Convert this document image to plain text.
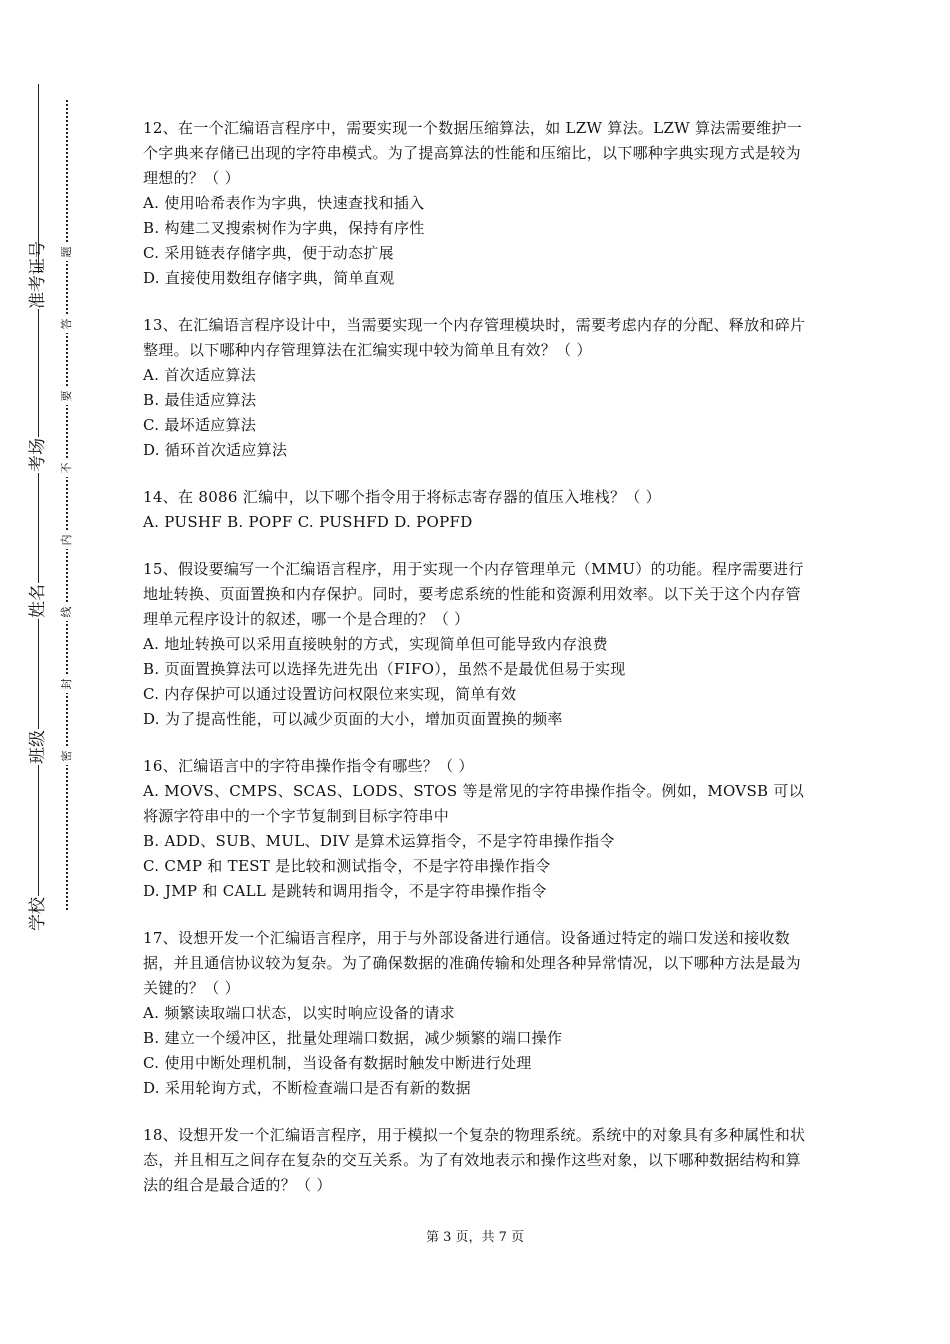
准考证号
考场
姓名
班级
学校
题
答
要
不
内
线
封
密

12、在一个汇编语言程序中，需要实现一个数据压缩算法，如 LZW 算法。LZW 算法需要维护一个字典来存储已出现的字符串模式。为了提高算法的性能和压缩比，以下哪种字典实现方式是较为理想的？（ ）

A. 使用哈希表作为字典，快速查找和插入

B. 构建二叉搜索树作为字典，保持有序性

C. 采用链表存储字典，便于动态扩展

D. 直接使用数组存储字典，简单直观

13、在汇编语言程序设计中，当需要实现一个内存管理模块时，需要考虑内存的分配、释放和碎片整理。以下哪种内存管理算法在汇编实现中较为简单且有效？（ ）

A. 首次适应算法

B. 最佳适应算法

C. 最坏适应算法

D. 循环首次适应算法

14、在 8086 汇编中，以下哪个指令用于将标志寄存器的值压入堆栈？（ ）

A. PUSHF B. POPF C. PUSHFD D. POPFD

15、假设要编写一个汇编语言程序，用于实现一个内存管理单元（MMU）的功能。程序需要进行地址转换、页面置换和内存保护。同时，要考虑系统的性能和资源利用效率。以下关于这个内存管理单元程序设计的叙述，哪一个是合理的？（ ）

A. 地址转换可以采用直接映射的方式，实现简单但可能导致内存浪费

B. 页面置换算法可以选择先进先出（FIFO），虽然不是最优但易于实现

C. 内存保护可以通过设置访问权限位来实现，简单有效

D. 为了提高性能，可以减少页面的大小，增加页面置换的频率

16、汇编语言中的字符串操作指令有哪些？（ ）

A. MOVS、CMPS、SCAS、LODS、STOS 等是常见的字符串操作指令。例如，MOVSB 可以将源字符串中的一个字节复制到目标字符串中

B. ADD、SUB、MUL、DIV 是算术运算指令，不是字符串操作指令

C. CMP 和 TEST 是比较和测试指令，不是字符串操作指令

D. JMP 和 CALL 是跳转和调用指令，不是字符串操作指令

17、设想开发一个汇编语言程序，用于与外部设备进行通信。设备通过特定的端口发送和接收数据，并且通信协议较为复杂。为了确保数据的准确传输和处理各种异常情况，以下哪种方法是最为关键的？（ ）

A. 频繁读取端口状态，以实时响应设备的请求

B. 建立一个缓冲区，批量处理端口数据，减少频繁的端口操作

C. 使用中断处理机制，当设备有数据时触发中断进行处理

D. 采用轮询方式，不断检查端口是否有新的数据

18、设想开发一个汇编语言程序，用于模拟一个复杂的物理系统。系统中的对象具有多种属性和状态，并且相互之间存在复杂的交互关系。为了有效地表示和操作这些对象，以下哪种数据结构和算法的组合是最合适的？（ ）

第 3 页，共 7 页
